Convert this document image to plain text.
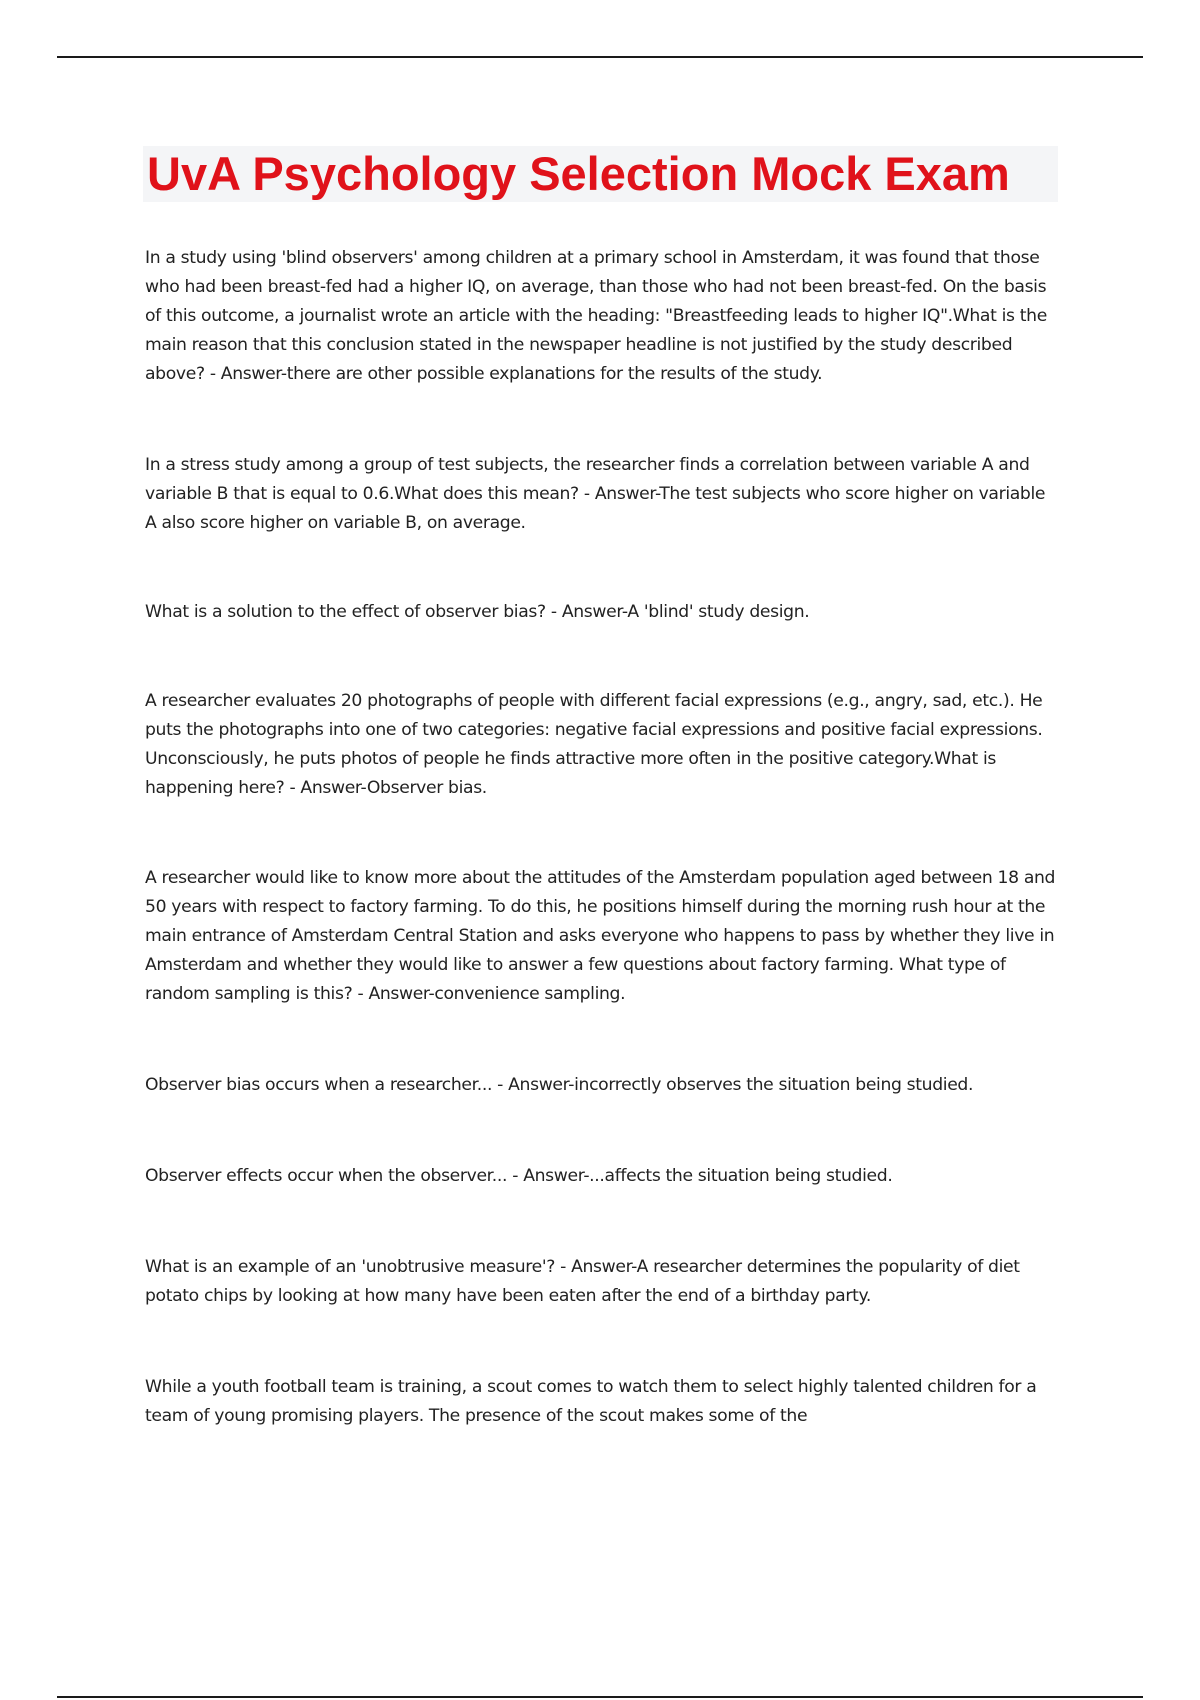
UvA Psychology Selection Mock Exam

In a study using 'blind observers' among children at a primary school in Amsterdam, it was found that those who had been breast-fed had a higher IQ, on average, than those who had not been breast-fed. On the basis of this outcome, a journalist wrote an article with the heading: "Breastfeeding leads to higher IQ".What is the main reason that this conclusion stated in the newspaper headline is not justified by the study described above? - Answer-there are other possible explanations for the results of the study.

In a stress study among a group of test subjects, the researcher finds a correlation between variable A and variable B that is equal to 0.6.What does this mean? - Answer-The test subjects who score higher on variable A also score higher on variable B, on average.

What is a solution to the effect of observer bias? - Answer-A 'blind' study design.

A researcher evaluates 20 photographs of people with different facial expressions (e.g., angry, sad, etc.). He puts the photographs into one of two categories: negative facial expressions and positive facial expressions. Unconsciously, he puts photos of people he finds attractive more often in the positive category.What is happening here? - Answer-Observer bias.

A researcher would like to know more about the attitudes of the Amsterdam population aged between 18 and 50 years with respect to factory farming. To do this, he positions himself during the morning rush hour at the main entrance of Amsterdam Central Station and asks everyone who happens to pass by whether they live in Amsterdam and whether they would like to answer a few questions about factory farming. What type of random sampling is this? - Answer-convenience sampling.

Observer bias occurs when a researcher... - Answer-incorrectly observes the situation being studied.

Observer effects occur when the observer... - Answer-...affects the situation being studied.

What is an example of an 'unobtrusive measure'? - Answer-A researcher determines the popularity of diet potato chips by looking at how many have been eaten after the end of a birthday party.

While a youth football team is training, a scout comes to watch them to select highly talented children for a team of young promising players. The presence of the scout makes some of the
